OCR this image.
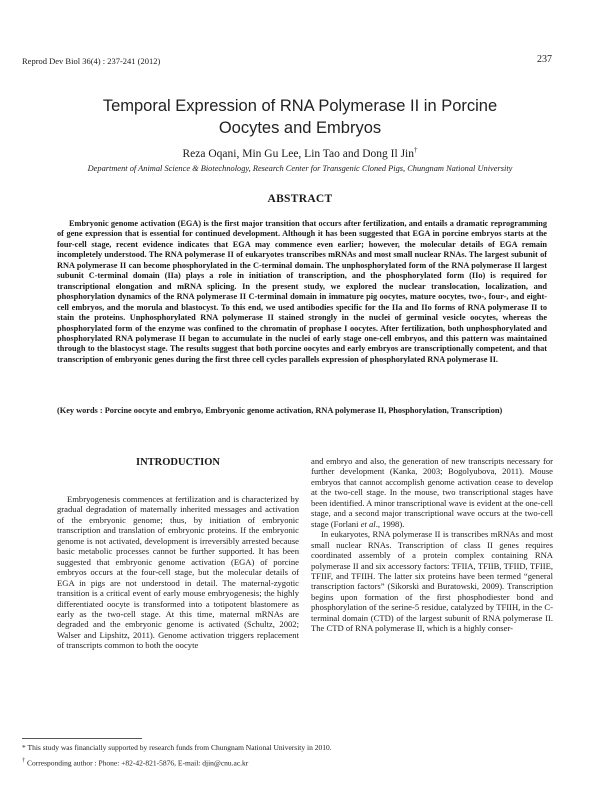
Reprod Dev Biol 36(4) : 237-241 (2012)	237
Temporal Expression of RNA Polymerase II in Porcine
Oocytes and Embryos
Reza Oqani, Min Gu Lee, Lin Tao and Dong Il Jin†
Department of Animal Science & Biotechnology, Research Center for Transgenic Cloned Pigs, Chungnam National University
ABSTRACT

Embryonic genome activation (EGA) is the first major transition that occurs after fertilization, and entails a dramatic reprogramming of gene expression that is essential for continued development. Although it has been suggested that EGA in porcine embryos starts at the four-cell stage, recent evidence indicates that EGA may commence even earlier; however, the molecular details of EGA remain incompletely understood. The RNA polymerase II of eukaryotes transcribes mRNAs and most small nuclear RNAs. The largest subunit of RNA polymerase II can become phosphorylated in the C-terminal domain. The unphosphorylated form of the RNA polymerase II largest subunit C-terminal domain (IIa) plays a role in initiation of transcription, and the phosphorylated form (IIo) is required for transcriptional elongation and mRNA splicing. In the present study, we explored the nuclear translocation, localization, and phosphorylation dynamics of the RNA polymerase II C-terminal domain in immature pig oocytes, mature oocytes, two-, four-, and eight-cell embryos, and the morula and blastocyst. To this end, we used antibodies specific for the IIa and IIo forms of RNA polymerase II to stain the proteins. Unphosphorylated RNA polymerase II stained strongly in the nuclei of germinal vesicle oocytes, whereas the phosphorylated form of the enzyme was confined to the chromatin of prophase I oocytes. After fertilization, both unphosphorylated and phosphorylated RNA polymerase II began to accumulate in the nuclei of early stage one-cell embryos, and this pattern was maintained through to the blastocyst stage. The results suggest that both porcine oocytes and early embryos are transcriptionally competent, and that transcription of embryonic genes during the first three cell cycles parallels expression of phosphorylated RNA polymerase II.

(Key words : Porcine oocyte and embryo, Embryonic genome activation, RNA polymerase II, Phosphorylation, Transcription)
INTRODUCTION

Embryogenesis commences at fertilization and is characterized by gradual degradation of maternally inherited messages and activation of the embryonic genome; thus, by initiation of embryonic transcription and translation of embryonic proteins. If the embryonic genome is not activated, development is irreversibly arrested because basic metabolic processes cannot be further supported. It has been suggested that embryonic genome activation (EGA) of porcine embryos occurs at the four-cell stage, but the molecular details of EGA in pigs are not understood in detail. The maternal-zygotic transition is a critical event of early mouse embryogenesis; the highly differentiated oocyte is transformed into a totipotent blastomere as early as the two-cell stage. At this time, maternal mRNAs are degraded and the embryonic genome is activated (Schultz, 2002; Walser and Lipshitz, 2011). Genome activation triggers replacement of transcripts common to both the oocyte

and embryo and also, the generation of new transcripts necessary for further development (Kanka, 2003; Bogolyubova, 2011). Mouse embryos that cannot accomplish genome activation cease to develop at the two-cell stage. In the mouse, two transcriptional stages have been identified. A minor transcriptional wave is evident at the one-cell stage, and a second major transcriptional wave occurs at the two-cell stage (Forlani et al., 1998).

In eukaryotes, RNA polymerase II is transcribes mRNAs and most small nuclear RNAs. Transcription of class II genes requires coordinated assembly of a protein complex containing RNA polymerase II and six accessory factors: TFIIA, TFIIB, TFIID, TFIIE, TFIIF, and TFIIH. The latter six proteins have been termed “general transcription factors” (Sikorski and Buratowski, 2009). Transcription begins upon formation of the first phosphodiester bond and phosphorylation of the serine-5 residue, catalyzed by TFIIH, in the C-terminal domain (CTD) of the largest subunit of RNA polymerase II. The CTD of RNA polymerase II, which is a highly conser-

* This study was financially supported by research funds from Chungnam National University in 2010.
† Corresponding author : Phone: +82-42-821-5876, E-mail: djin@cnu.ac.kr
